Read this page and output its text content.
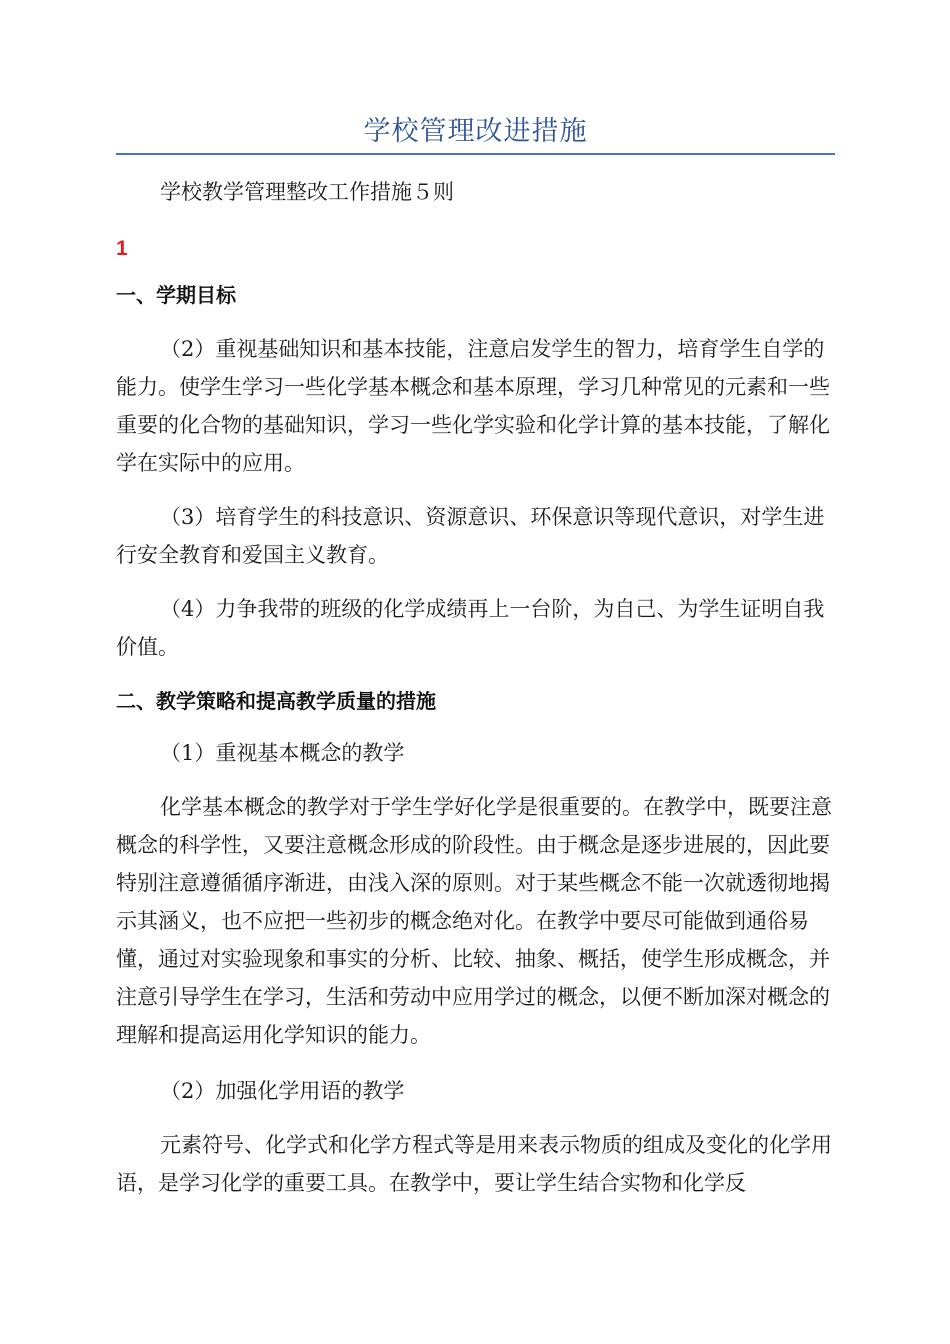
学校管理改进措施

学校教学管理整改工作措施５则

1
一、学期目标

（2）重视基础知识和基本技能，注意启发学生的智力，培育学生自学的能力。使学生学习一些化学基本概念和基本原理，学习几种常见的元素和一些重要的化合物的基础知识，学习一些化学实验和化学计算的基本技能，了解化学在实际中的应用。

（3）培育学生的科技意识、资源意识、环保意识等现代意识，对学生进行安全教育和爱国主义教育。

（4）力争我带的班级的化学成绩再上一台阶，为自己、为学生证明自我价值。

二、教学策略和提高教学质量的措施

（1）重视基本概念的教学

化学基本概念的教学对于学生学好化学是很重要的。在教学中，既要注意概念的科学性，又要注意概念形成的阶段性。由于概念是逐步进展的，因此要特别注意遵循循序渐进，由浅入深的原则。对于某些概念不能一次就透彻地揭示其涵义，也不应把一些初步的概念绝对化。在教学中要尽可能做到通俗易懂，通过对实验现象和事实的分析、比较、抽象、概括，使学生形成概念，并注意引导学生在学习，生活和劳动中应用学过的概念，以便不断加深对概念的理解和提高运用化学知识的能力。

（2）加强化学用语的教学

元素符号、化学式和化学方程式等是用来表示物质的组成及变化的化学用语，是学习化学的重要工具。在教学中，要让学生结合实物和化学反
